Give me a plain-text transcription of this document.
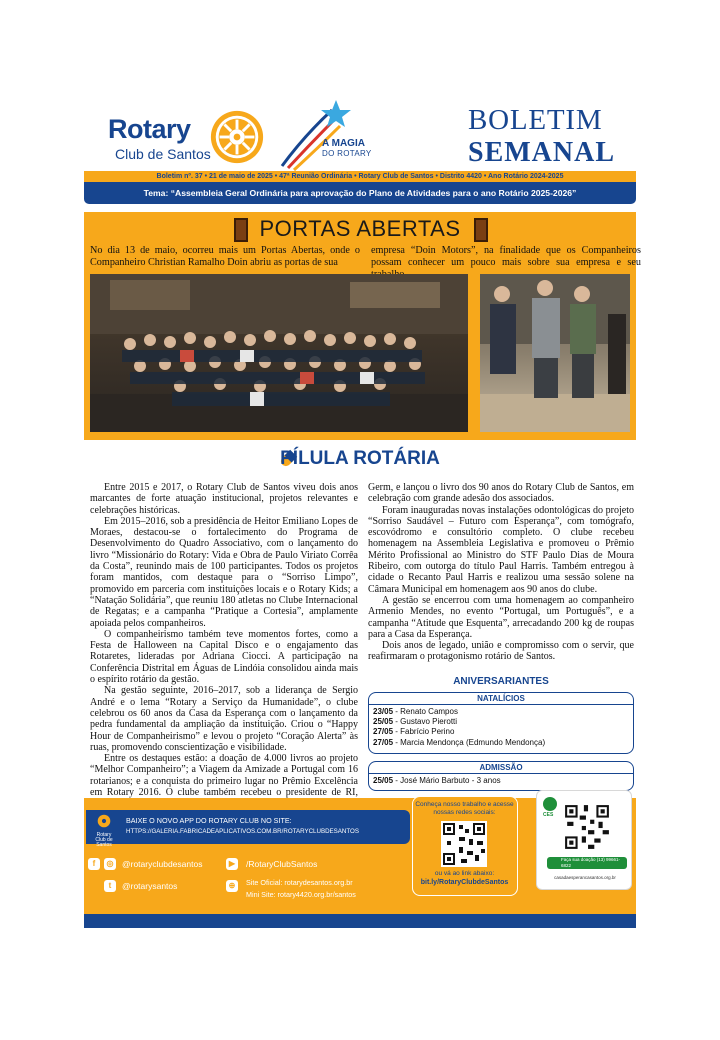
Rotary
Club de Santos
A MAGIA
DO ROTARY
BOLETIM
SEMANAL
Boletim nº. 37 • 21 de maio de 2025 • 47ª Reunião Ordinária • Rotary Club de Santos • Distrito 4420 • Ano Rotário 2024-2025
Tema: “Assembleia Geral Ordinária para aprovação do Plano de Atividades para o ano Rotário 2025-2026”
PORTAS ABERTAS
No dia 13 de maio, ocorreu mais um Portas Abertas, onde o Companheiro Christian Ramalho Doin abriu as portas de sua
empresa “Doin Motors”, na finalidade que os Companheiros possam conhecer um pouco mais sobre sua empresa e seu
PÍLULA ROTÁRIA

Entre 2015 e 2017, o Rotary Club de Santos viveu dois anos marcantes de forte atuação institucional, projetos relevantes e celebrações históricas.

Em 2015–2016, sob a presidência de Heitor Emiliano Lopes de Moraes, destacou-se o fortalecimento do Programa de Desenvolvimento do Quadro Associativo, com o lançamento do livro “Missionário do Rotary: Vida e Obra de Paulo Viriato Corrêa da Costa”, reunindo mais de 100 participantes. Todos os projetos foram mantidos, com destaque para o “Sorriso Limpo”, promovido em parceria com instituições locais e o Rotary Kids; a “Natação Solidária”, que reuniu 180 atletas no Clube Internacional de Regatas; e a campanha “Pratique a Cortesia”, amplamente apoiada pelos companheiros.

O companheirismo também teve momentos fortes, como a Festa de Halloween na Capital Disco e o engajamento das Rotaretes, lideradas por Adriana Ciocci. A participação na Conferência Distrital em Águas de Lindóia consolidou ainda mais o espírito rotário da gestão.

Na gestão seguinte, 2016–2017, sob a liderança de Sergio André e o lema “Rotary a Serviço da Humanidade”, o clube celebrou os 60 anos da Casa da Esperança com o lançamento da pedra fundamental da ampliação da instituição. Criou o “Happy Hour de Companheirismo” e levou o projeto “Coração Alerta” às ruas, promovendo conscientização e visibilidade.

Entre os destaques estão: a doação de 4.000 livros ao projeto “Melhor Companheiro”; a Viagem da Amizade a Portugal com 16 rotarianos; e a conquista do primeiro lugar no Prêmio Excelência em Rotary 2016. O clube também recebeu o presidente de RI,

Germ, e lançou o livro dos 90 anos do Rotary Club de Santos, em celebração com grande adesão dos associados.

Foram inauguradas novas instalações odontológicas do projeto “Sorriso Saudável – Futuro com Esperança”, com tomógrafo, escovódromo e consultório completo. O clube recebeu homenagem na Assembleia Legislativa e promoveu o Prêmio Mérito Profissional ao Ministro do STF Paulo Dias de Moura Ribeiro, com outorga do título Paul Harris. Também entregou à cidade o Recanto Paul Harris e realizou uma sessão solene na Câmara Municipal em homenagem aos 90 anos do clube.

A gestão se encerrou com uma homenagem ao companheiro Armenio Mendes, no evento “Portugal, um Português”, e a campanha “Atitude que Esquenta”, arrecadando 200 kg de roupas para a Casa da Esperança.

Dois anos de legado, união e compromisso com o servir, que reafirmaram o protagonismo rotário de Santos.

ANIVERSARIANTES
NATALÍCIOS
23/05 - Renato Campos
25/05 - Gustavo Pierotti
27/05 - Fabrício Perino
27/05 - Marcia Mendonça (Edmundo Mendonça)
ADMISSÃO
25/05 - José Mário Barbuto - 3 anos
Rotary
Club de Santos
BAIXE O NOVO APP DO ROTARY CLUB NO SITE:
HTTPS://GALERIA.FABRICADEAPLICATIVOS.COM.BR/ROTARYCLUBDESANTOS
f	◎ @rotaryclubdesantos
t	@rotarysantos
▶	/RotaryClubSantos
⊕	Site Oficial: rotarydesantos.org.br
Mini Site: rotary4420.org.br/santos
Conheça nosso trabalho e acesse nossas redes sociais:
ou vá ao link abaixo:
bit.ly/RotaryClubdeSantos
CES
Faça sua doação (13) 99661-6822
casadaesperancasantos.org.br
